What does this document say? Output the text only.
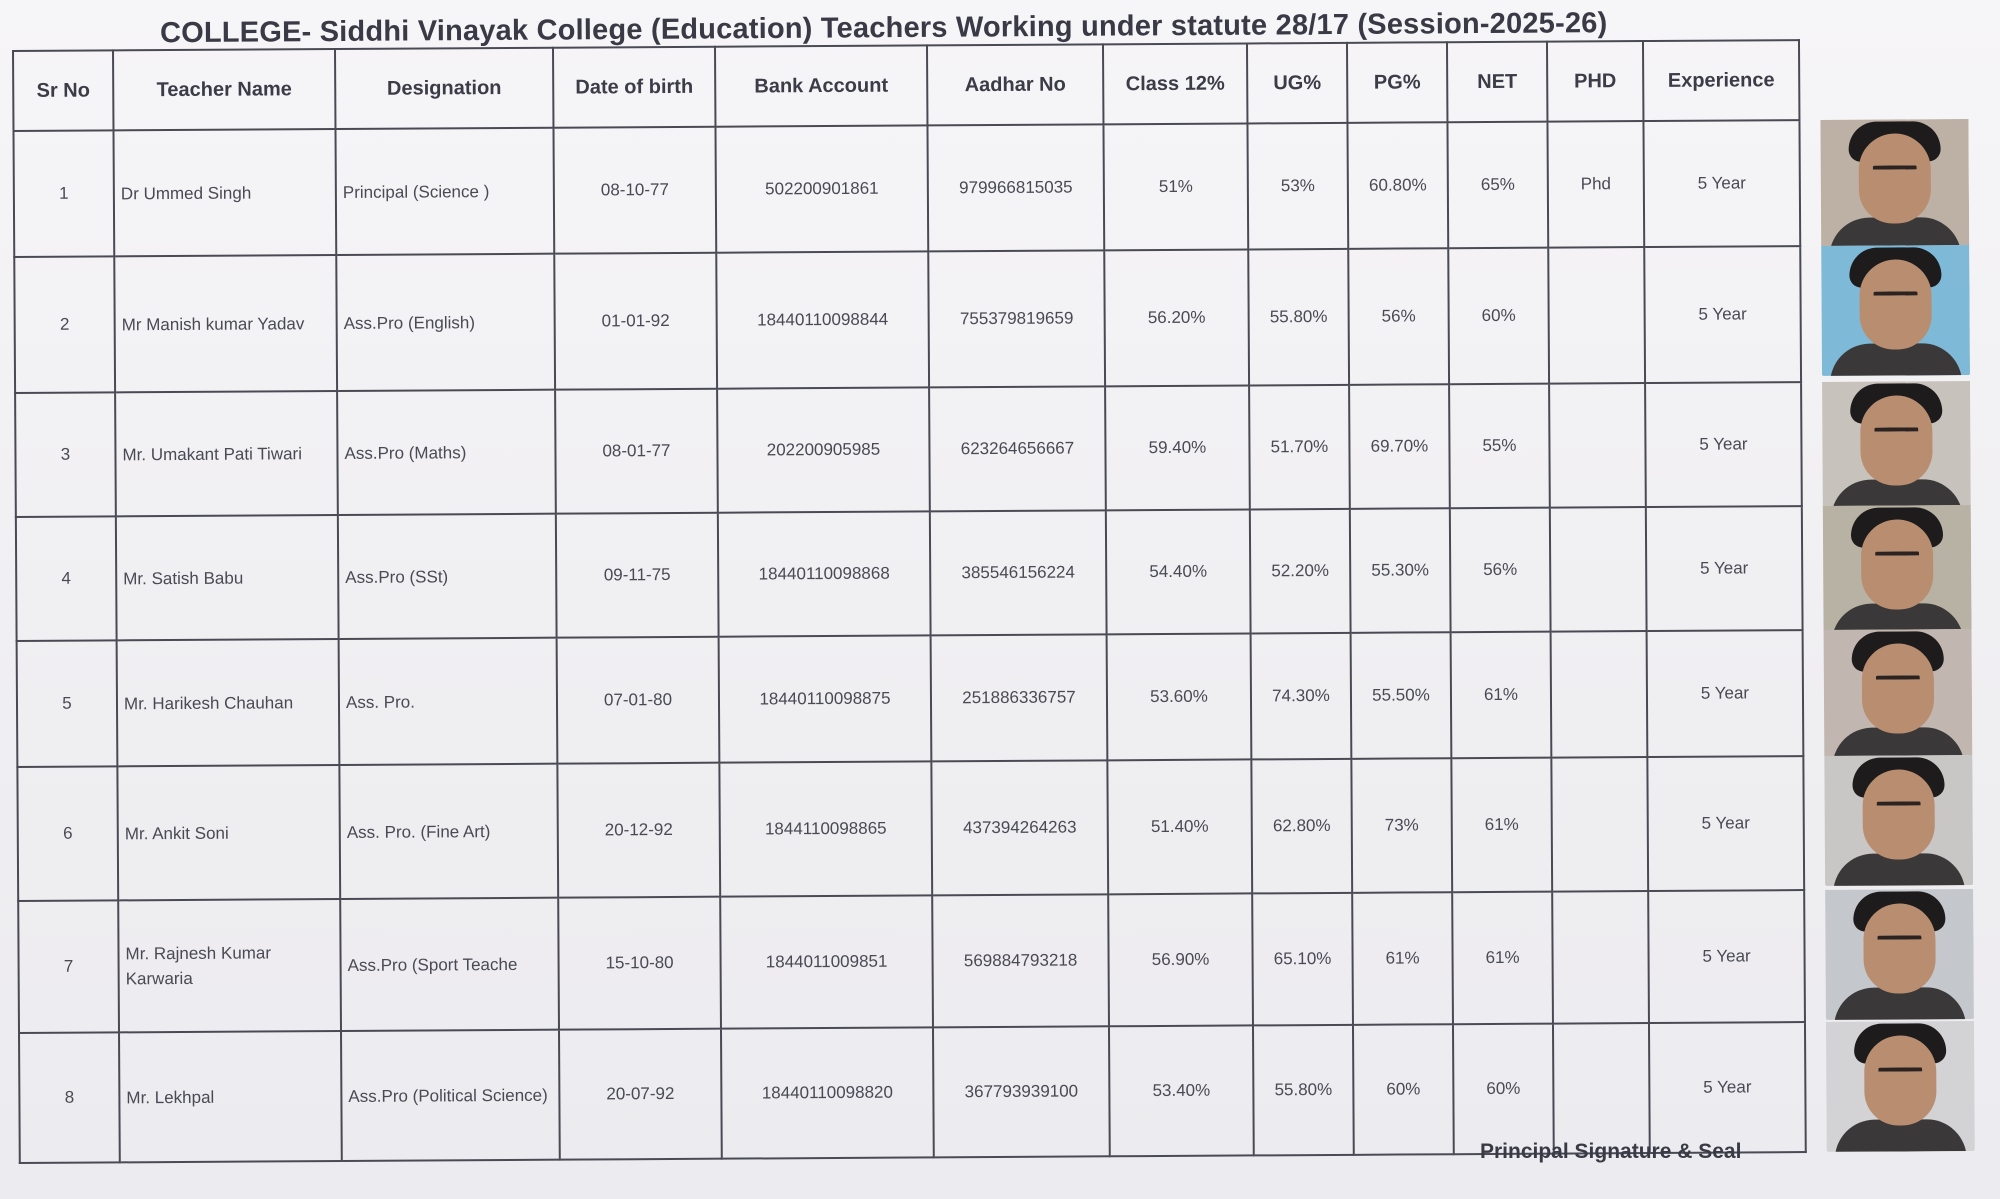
COLLEGE- Siddhi Vinayak College (Education) Teachers Working under statute 28/17 (Session-2025-26)
Sr No	Teacher Name	Designation	Date of birth	Bank Account	Aadhar No	Class 12%	UG%	PG%	NET	PHD	Experience	
1	Dr Ummed Singh	Principal (Science )	08-10-77	502200901861	979966815035	51%	53%	60.80%	65%	Phd	5 Year	

2	Mr Manish kumar Yadav	Ass.Pro (English)	01-01-92	18440110098844	755379819659	56.20%	55.80%	56%	60%		5 Year	

3	Mr. Umakant Pati Tiwari	Ass.Pro (Maths)	08-01-77	202200905985	623264656667	59.40%	51.70%	69.70%	55%		5 Year	

4	Mr. Satish Babu	Ass.Pro (SSt)	09-11-75	18440110098868	385546156224	54.40%	52.20%	55.30%	56%		5 Year	

5	Mr. Harikesh Chauhan	Ass. Pro.	07-01-80	18440110098875	251886336757	53.60%	74.30%	55.50%	61%		5 Year	

6	Mr. Ankit Soni	Ass. Pro. (Fine Art)	20-12-92	1844110098865	437394264263	51.40%	62.80%	73%	61%		5 Year	

7	Mr. Rajnesh Kumar Karwaria	Ass.Pro (Sport Teache	15-10-80	1844011009851	569884793218	56.90%	65.10%	61%	61%		5 Year	

8	Mr. Lekhpal	Ass.Pro (Political Science)	20-07-92	18440110098820	367793939100	53.40%	55.80%	60%	60%		5 Year	
Principal Signature & Seal
